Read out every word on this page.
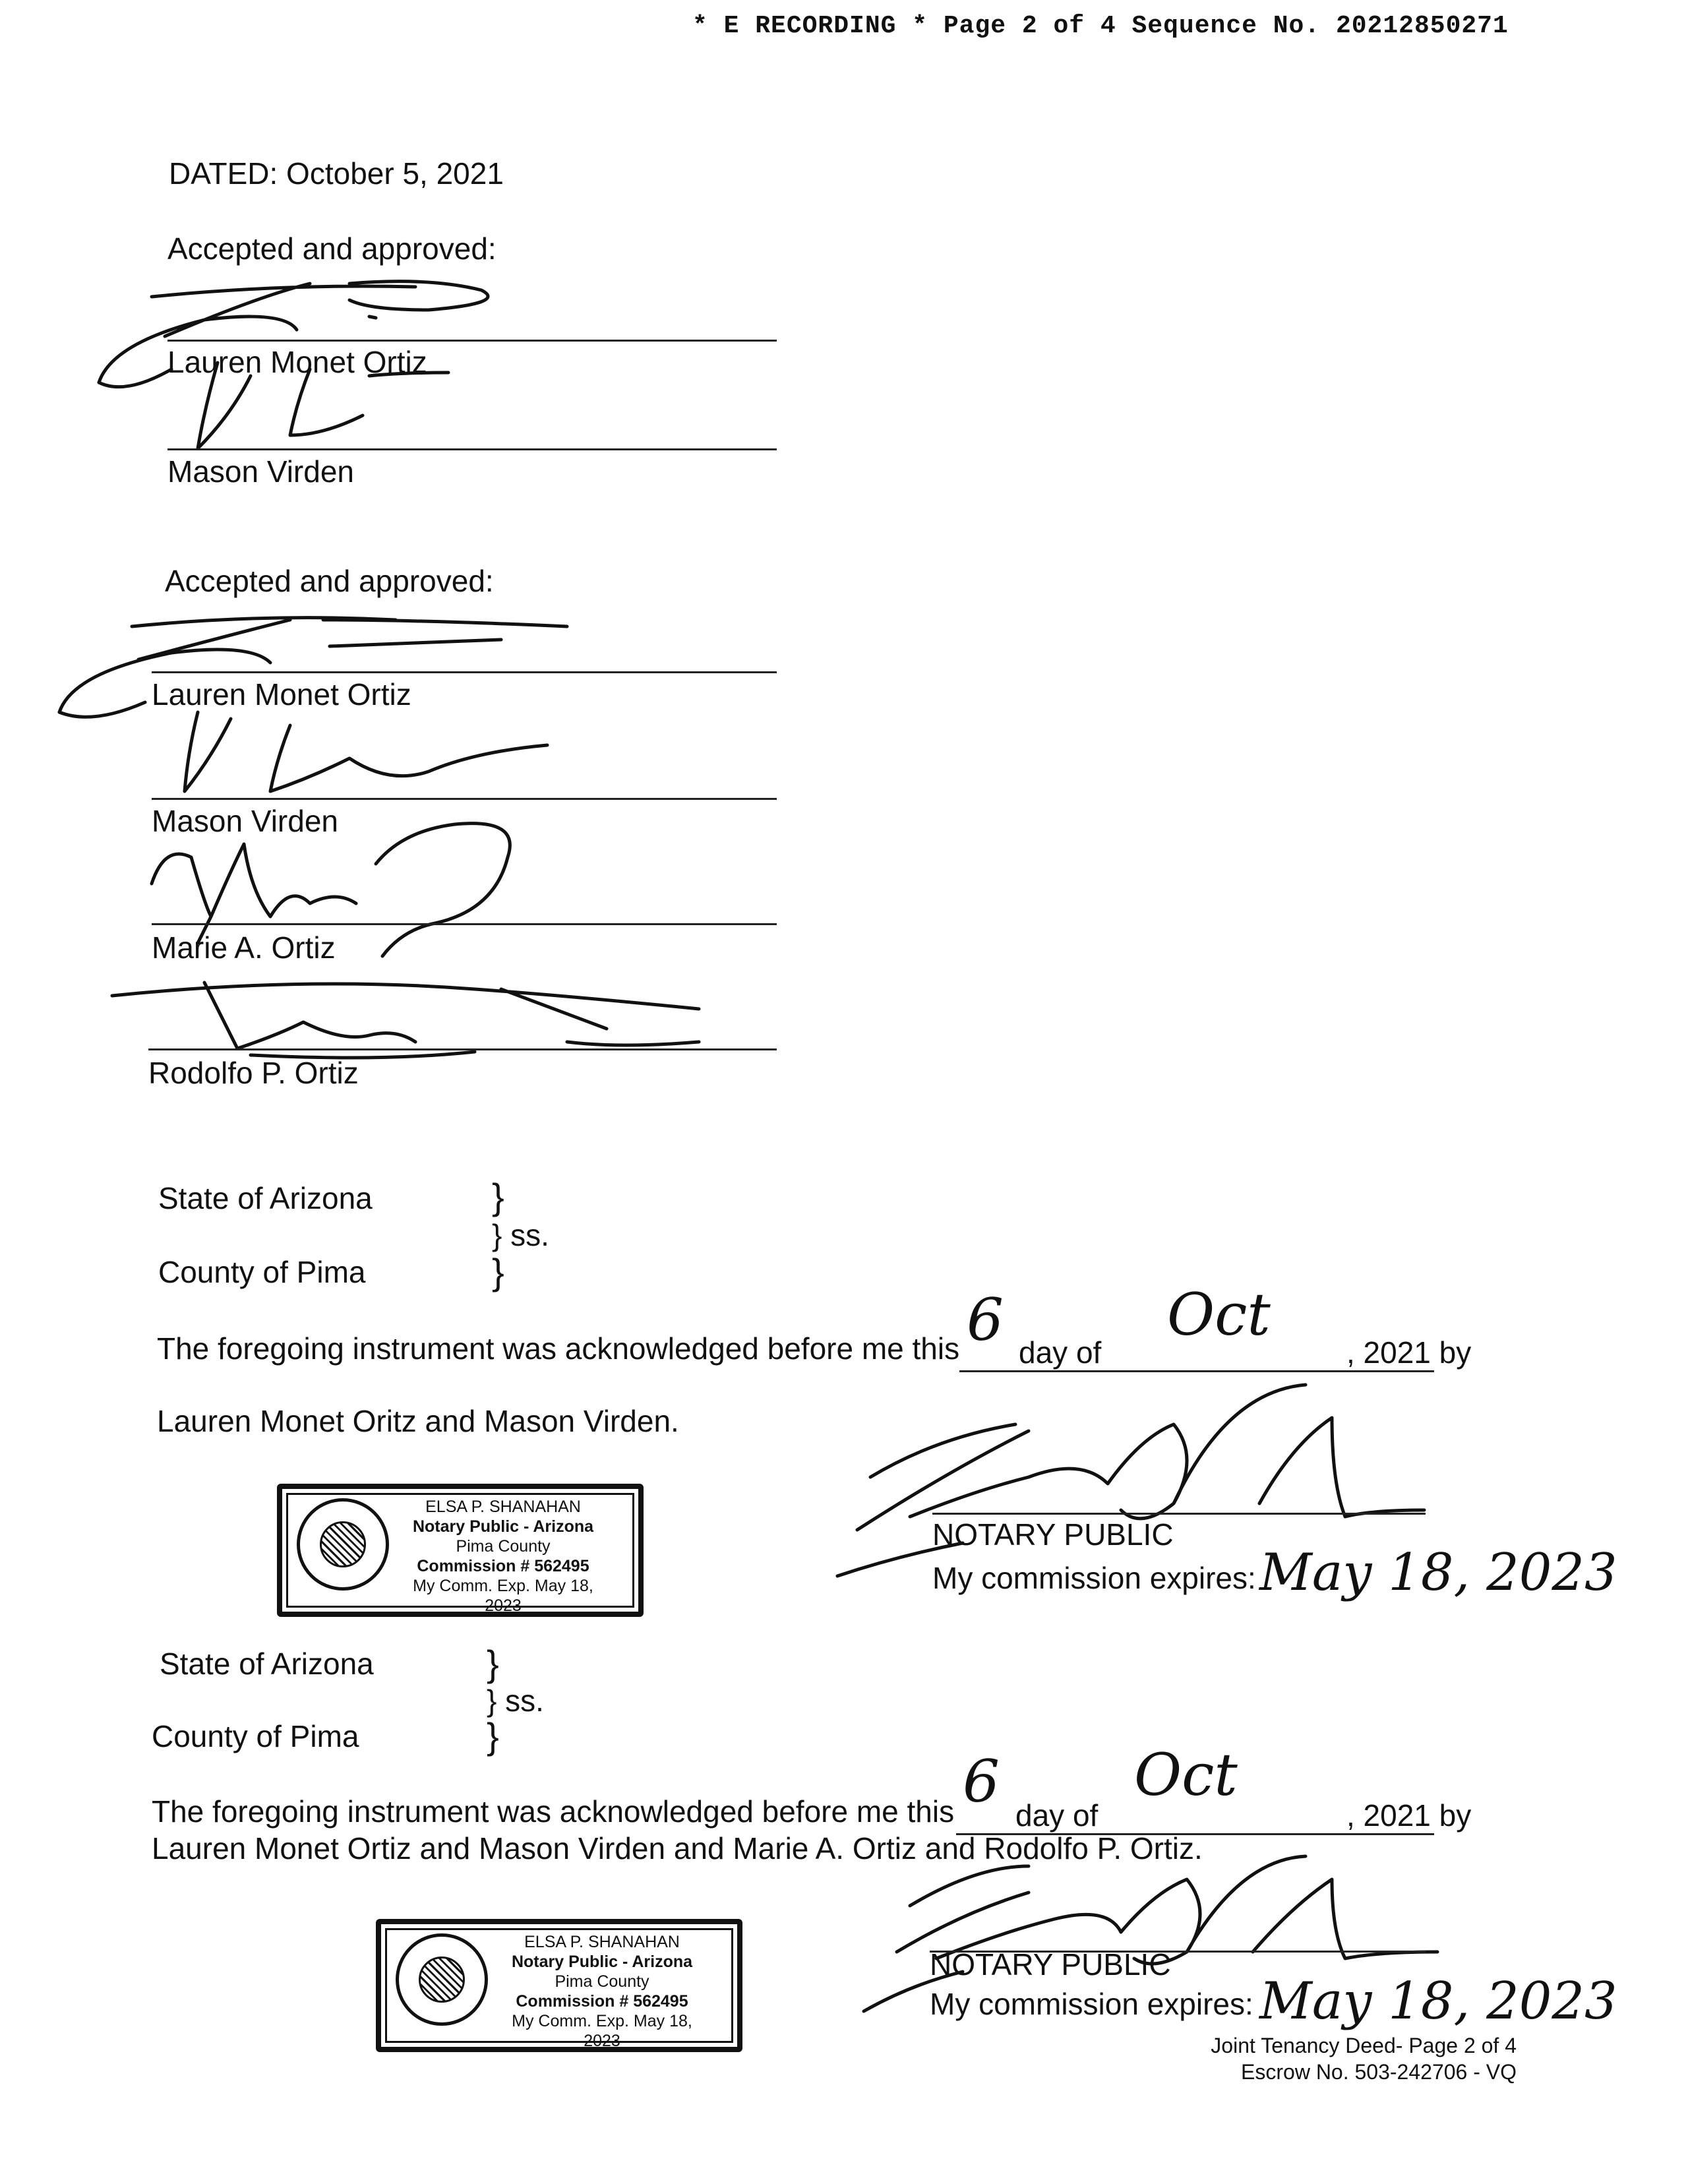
* E RECORDING * Page 2 of 4 Sequence No. 20212850271
DATED: October 5, 2021
Accepted and approved:
Lauren Monet Ortiz
Mason Virden
Accepted and approved:
Lauren Monet Ortiz
Mason Virden
Marie A. Ortiz
Rodolfo P. Ortiz
State of Arizona	}
} ss.
County of Pima	}
The foregoing instrument was acknowledged before me this 6 day of
Oct
, 2021 by
Lauren Monet Oritz and Mason Virden.
NOTARY PUBLIC
My commission expires: May 18, 2023
ELSA P. SHANAHAN
Notary Public - Arizona
Pima County
Commission # 562495
My Comm. Exp. May 18, 2023
State of Arizona	}
} ss.
County of Pima	}
The foregoing instrument was acknowledged before me this 6 day of
Oct
, 2021 by
Lauren Monet Ortiz and Mason Virden and Marie A. Ortiz and Rodolfo P. Ortiz.
NOTARY PUBLIC
My commission expires: May 18, 2023
ELSA P. SHANAHAN
Notary Public - Arizona
Pima County
Commission # 562495
My Comm. Exp. May 18, 2023	Joint Tenancy Deed- Page 2 of 4
Escrow No. 503-242706 - VQ
